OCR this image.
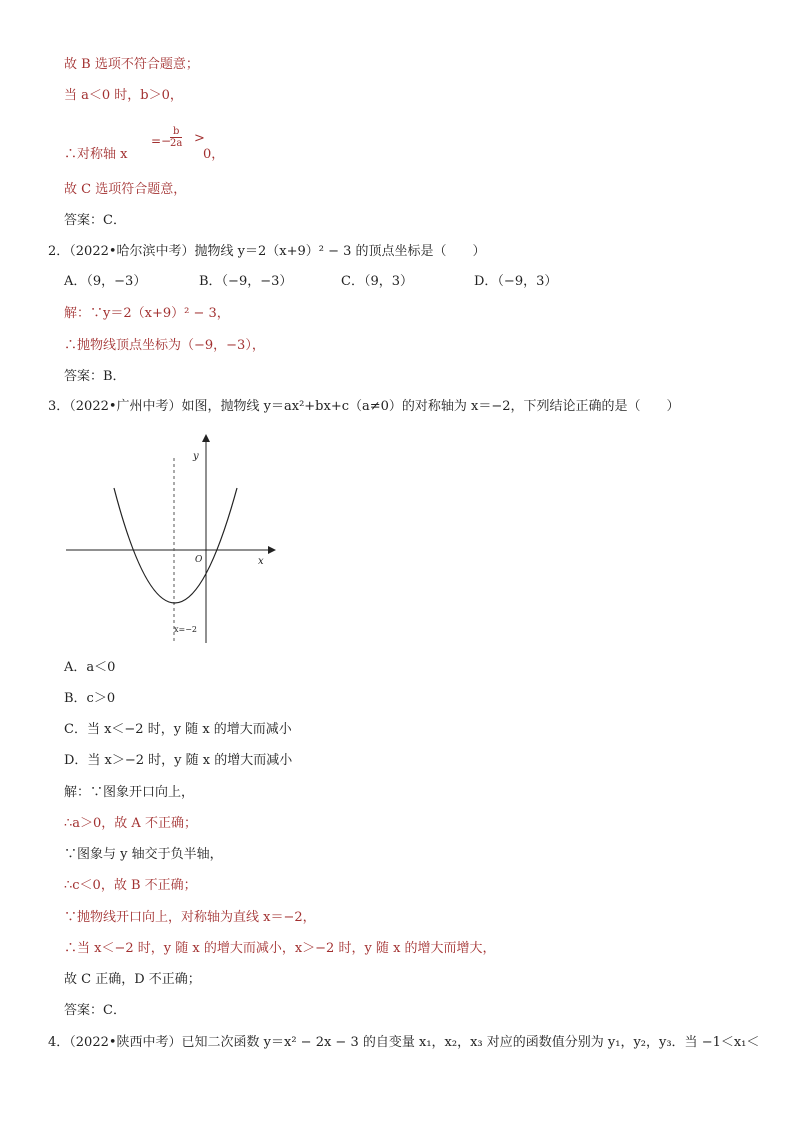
故 B 选项不符合题意；
当 a＜0 时，b＞0，
∴对称轴 x
=−
$\frac{b}{2a}$ >
0，
故 C 选项符合题意，
答案：C．
2．（2022•哈尔滨中考）抛物线 y＝2（x+9）² − 3 的顶点坐标是（　　）
A．（9，−3）	B．（−9，−3）	C．（9，3）	D．（−9，3）
解：∵y＝2（x+9）² − 3，
∴抛物线顶点坐标为（−9，−3），
答案：B．
3．（2022•广州中考）如图，抛物线 y＝ax²+bx+c（a≠0）的对称轴为 x＝−2，下列结论正确的是（　　）
y
x
O
x=−2
A．a＜0
B．c＞0
C．当 x＜−2 时，y 随 x 的增大而减小
D．当 x＞−2 时，y 随 x 的增大而减小
解：∵图象开口向上，
∴a＞0，故 A 不正确；
∵图象与 y 轴交于负半轴，
∴c＜0，故 B 不正确；
∵抛物线开口向上，对称轴为直线 x＝−2，
∴当 x＜−2 时，y 随 x 的增大而减小，x＞−2 时，y 随 x 的增大而增大，
故 C 正确，D 不正确；
答案：C．
4．（2022•陕西中考）已知二次函数 y＝x² − 2x − 3 的自变量 x₁，x₂，x₃ 对应的函数值分别为 y₁，y₂，y₃．当 −1＜x₁＜
